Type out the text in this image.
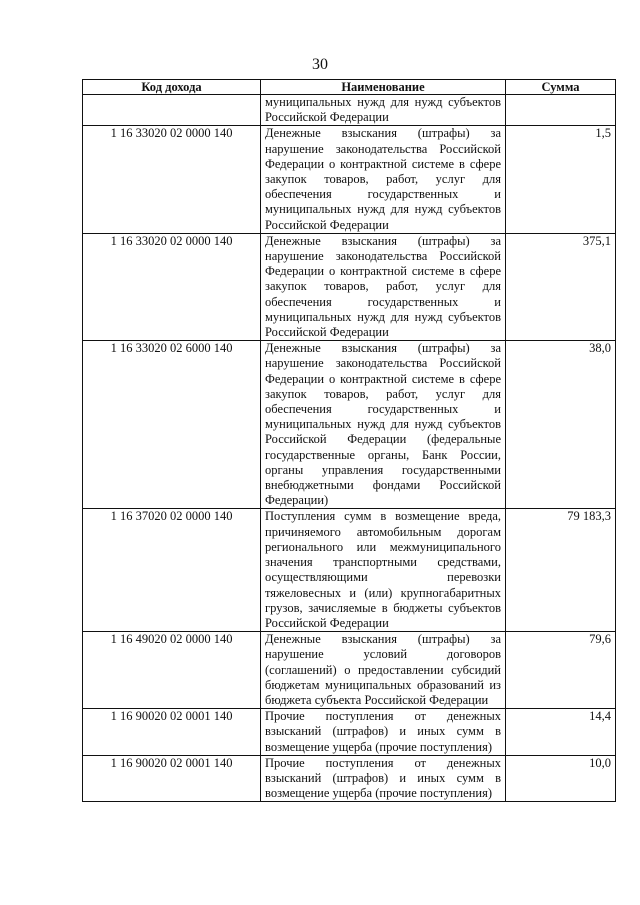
30
Код дохода	Наименование	Сумма
	муниципальных нужд для нужд субъектов Российской Федерации	
1 16 33020 02 0000 140	Денежные взыскания (штрафы) за нарушение законодательства Российской Федерации о контрактной системе в сфере закупок товаров, работ, услуг для обеспечения государственных и муниципальных нужд для нужд субъектов Российской Федерации	1,5
1 16 33020 02 0000 140	Денежные взыскания (штрафы) за нарушение законодательства Российской Федерации о контрактной системе в сфере закупок товаров, работ, услуг для обеспечения государственных и муниципальных нужд для нужд субъектов Российской Федерации	375,1
1 16 33020 02 6000 140	Денежные взыскания (штрафы) за нарушение законодательства Российской Федерации о контрактной системе в сфере закупок товаров, работ, услуг для обеспечения государственных и муниципальных нужд для нужд субъектов Российской Федерации (федеральные государственные органы, Банк России, органы управления государственными внебюджетными фондами Российской Федерации)	38,0
1 16 37020 02 0000 140	Поступления сумм в возмещение вреда, причиняемого автомобильным дорогам регионального или межмуниципального значения транспортными средствами, осуществляющими перевозки тяжеловесных и (или) крупногабаритных грузов, зачисляемые в бюджеты субъектов Российской Федерации	79 183,3
1 16 49020 02 0000 140	Денежные взыскания (штрафы) за нарушение условий договоров (соглашений) о предоставлении субсидий бюджетам муниципальных образований из бюджета субъекта Российской Федерации	79,6
1 16 90020 02 0001 140	Прочие поступления от денежных взысканий (штрафов) и иных сумм в возмещение ущерба (прочие поступления)	14,4
1 16 90020 02 0001 140	Прочие поступления от денежных взысканий (штрафов) и иных сумм в возмещение ущерба (прочие поступления)	10,0
